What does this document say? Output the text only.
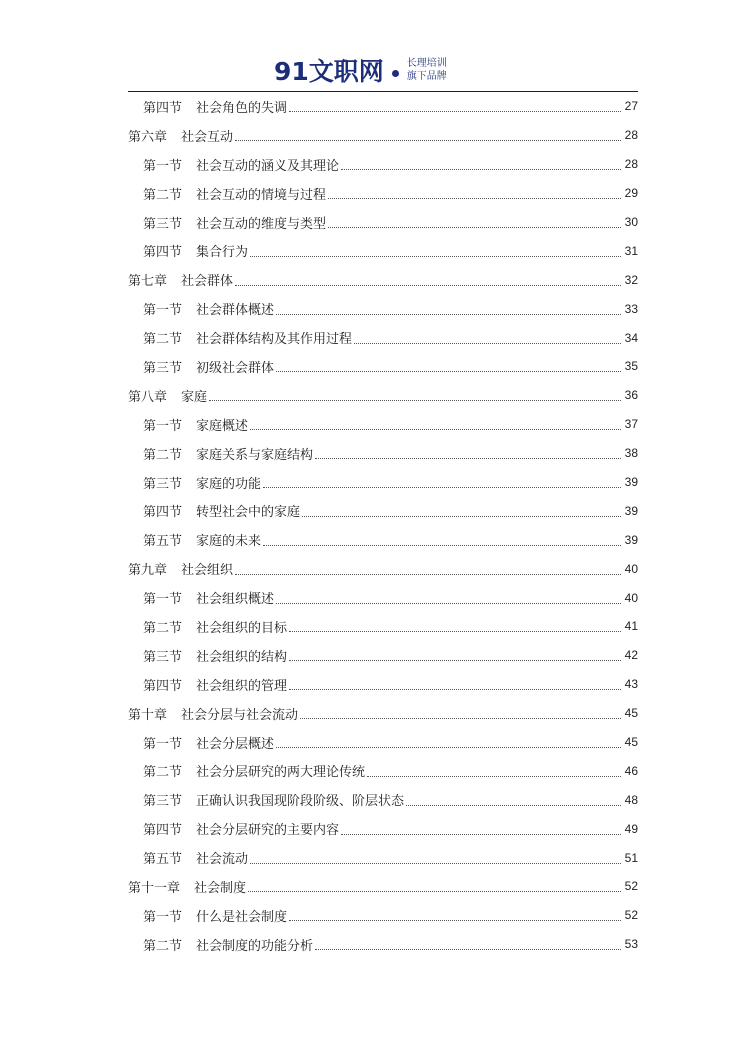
91文职网 长理培训
旗下品牌
第四节 社会角色的失调	27
第六章 社会互动	28
第一节 社会互动的涵义及其理论	28
第二节 社会互动的情境与过程	29
第三节 社会互动的维度与类型	30
第四节 集合行为	31
第七章 社会群体	32
第一节 社会群体概述	33
第二节 社会群体结构及其作用过程	34
第三节 初级社会群体	35
第八章 家庭	36
第一节 家庭概述	37
第二节 家庭关系与家庭结构	38
第三节 家庭的功能	39
第四节 转型社会中的家庭	39
第五节 家庭的未来	39
第九章 社会组织	40
第一节 社会组织概述	40
第二节 社会组织的目标	41
第三节 社会组织的结构	42
第四节 社会组织的管理	43
第十章 社会分层与社会流动	45
第一节 社会分层概述	45
第二节 社会分层研究的两大理论传统	46
第三节 正确认识我国现阶段阶级、阶层状态	48
第四节 社会分层研究的主要内容	49
第五节 社会流动	51
第十一章 社会制度	52
第一节 什么是社会制度	52
第二节 社会制度的功能分析	53
